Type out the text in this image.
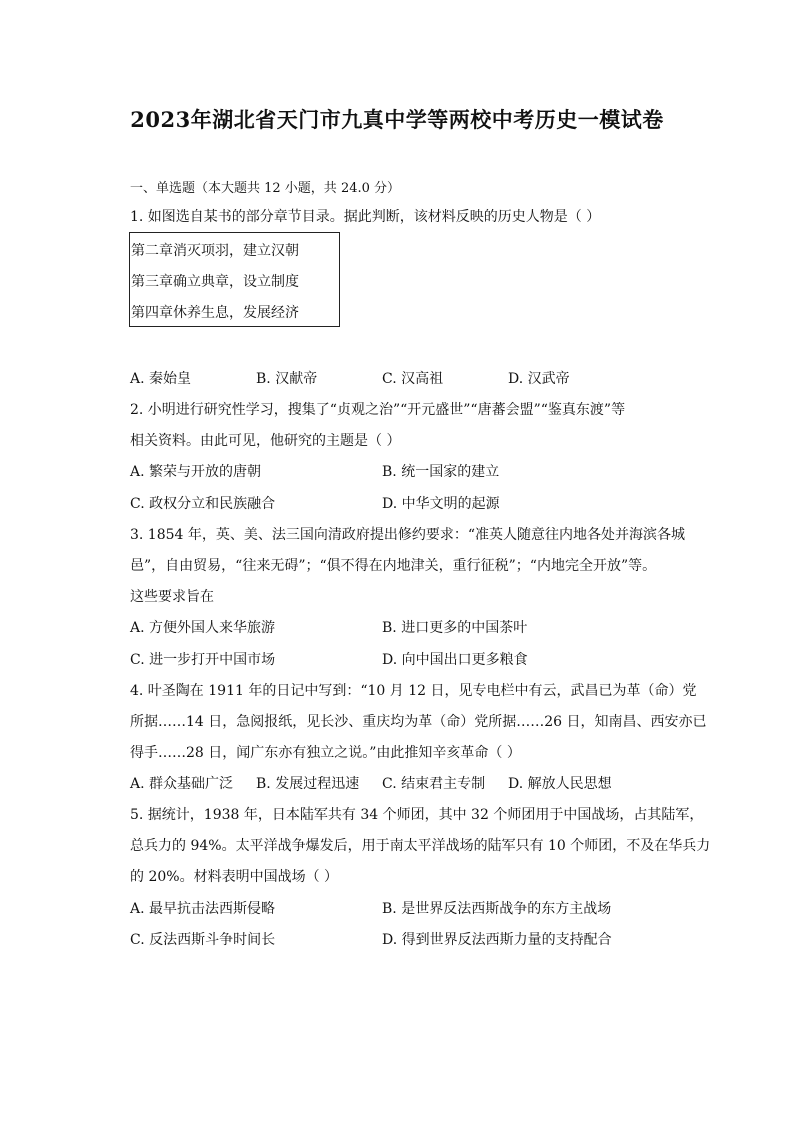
2023年湖北省天门市九真中学等两校中考历史一模试卷
一、单选题（本大题共 12 小题，共 24.0 分）
1. 如图选自某书的部分章节目录。据此判断，该材料反映的历史人物是（ ）
第二章消灭项羽，建立汉朝
第三章确立典章，设立制度
第四章休养生息，发展经济
A. 秦始皇	B. 汉献帝	C. 汉高祖	D. 汉武帝
2. 小明进行研究性学习，搜集了“贞观之治”“开元盛世”“唐蕃会盟”“鉴真东渡”等
相关资料。由此可见，他研究的主题是（ ）
A. 繁荣与开放的唐朝	B. 统一国家的建立
C. 政权分立和民族融合	D. 中华文明的起源
3. 1854 年，英、美、法三国向清政府提出修约要求：“准英人随意往内地各处并海滨各城
邑”，自由贸易，“往来无碍”；“俱不得在内地津关，重行征税”；“内地完全开放”等。
这些要求旨在
A. 方便外国人来华旅游	B. 进口更多的中国茶叶
C. 进一步打开中国市场	D. 向中国出口更多粮食
4. 叶圣陶在 1911 年的日记中写到：“10 月 12 日，见专电栏中有云，武昌已为革（命）党
所据……14 日，急阅报纸，见长沙、重庆均为革（命）党所据……26 日，知南昌、西安亦已
得手……28 日，闻广东亦有独立之说。”由此推知辛亥革命（ ）
A. 群众基础广泛 B. 发展过程迅速 C. 结束君主专制 D. 解放人民思想
5. 据统计，1938 年，日本陆军共有 34 个师团，其中 32 个师团用于中国战场，占其陆军，
总兵力的 94%。太平洋战争爆发后，用于南太平洋战场的陆军只有 10 个师团，不及在华兵力
的 20%。材料表明中国战场（ ）
A. 最早抗击法西斯侵略	B. 是世界反法西斯战争的东方主战场
C. 反法西斯斗争时间长	D. 得到世界反法西斯力量的支持配合
